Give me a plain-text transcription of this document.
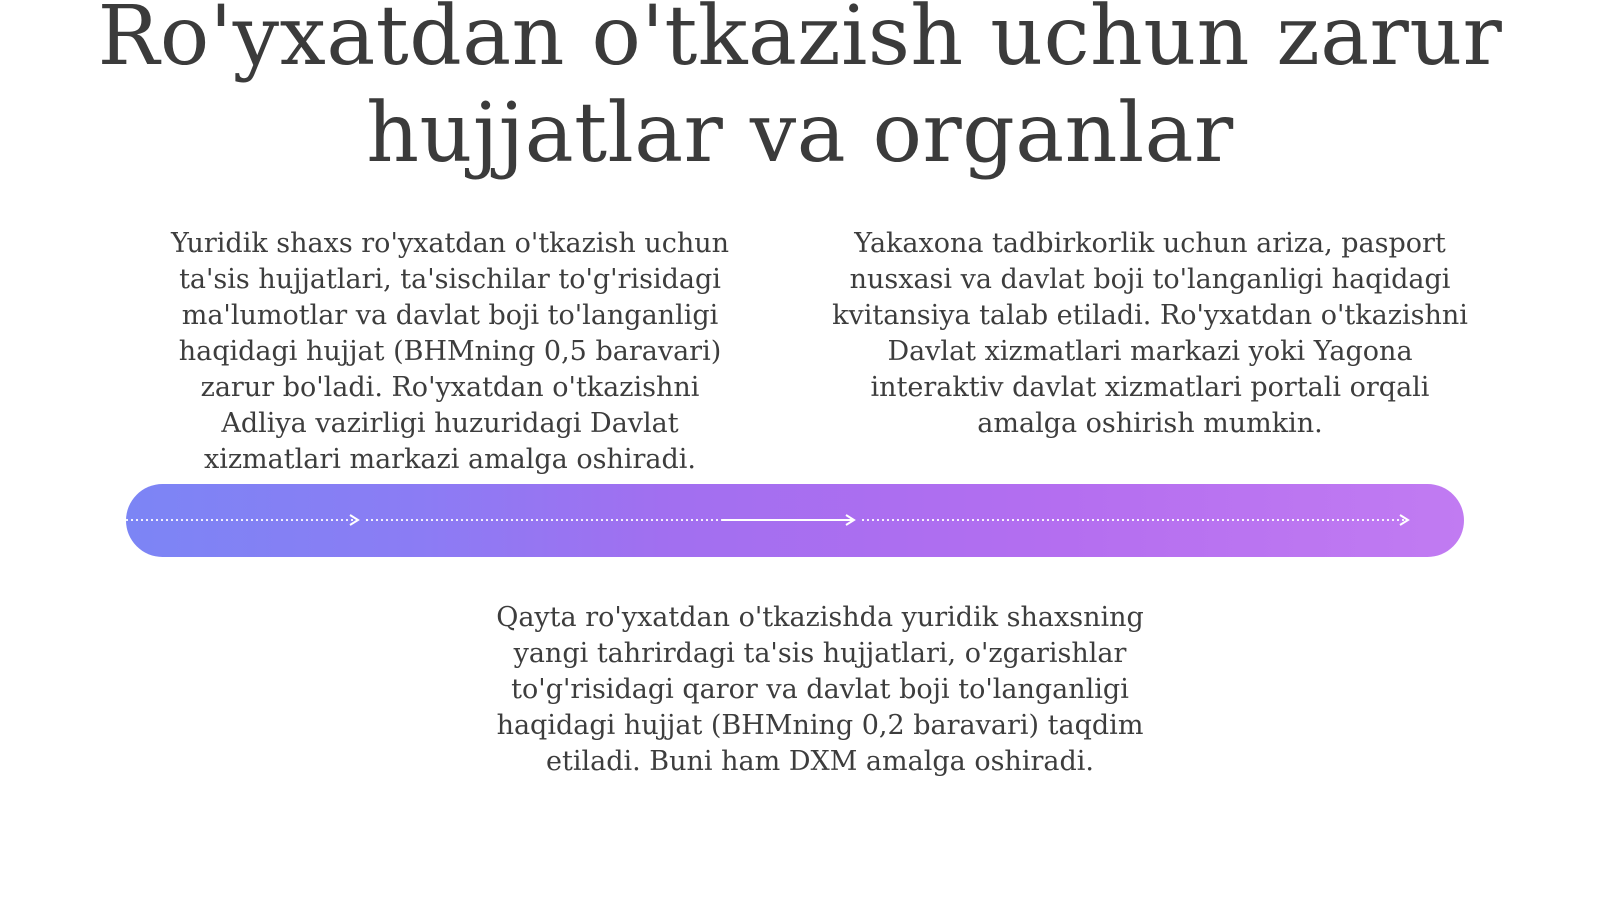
Ro'yxatdan o'tkazish uchun zarur
hujjatlar va organlar

Yuridik shaxs ro'yxatdan o'tkazish uchun ta'sis hujjatlari, ta'sischilar to'g'risidagi ma'lumotlar va davlat boji to'langanligi haqidagi hujjat (BHMning 0,5 baravari) zarur bo'ladi. Ro'yxatdan o'tkazishni Adliya vazirligi huzuridagi Davlat xizmatlari markazi amalga oshiradi.

Yakaxona tadbirkorlik uchun ariza, pasport nusxasi va davlat boji to'langanligi haqidagi kvitansiya talab etiladi. Ro'yxatdan o'tkazishni Davlat xizmatlari markazi yoki Yagona interaktiv davlat xizmatlari portali orqali amalga oshirish mumkin.

Qayta ro'yxatdan o'tkazishda yuridik shaxsning yangi tahrirdagi ta'sis hujjatlari, o'zgarishlar to'g'risidagi qaror va davlat boji to'langanligi haqidagi hujjat (BHMning 0,2 baravari) taqdim etiladi. Buni ham DXM amalga oshiradi.
